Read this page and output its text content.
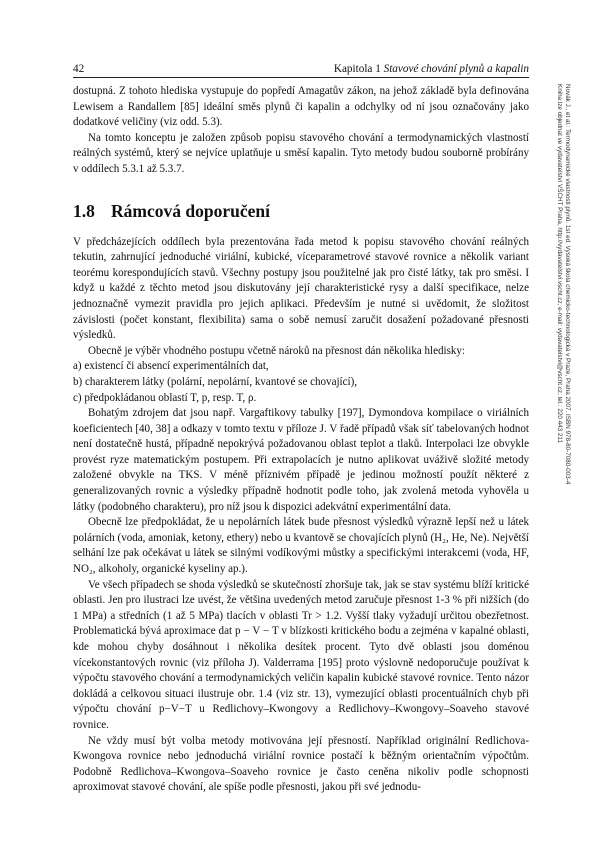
42	Kapitola 1 Stavové chování plynů a kapalin

dostupná. Z tohoto hlediska vystupuje do popředí Amagatův zákon, na jehož základě byla definována Lewisem a Randallem [85] ideální směs plynů či kapalin a odchylky od ní jsou označovány jako dodatkové veličiny (viz odd. 5.3).

Na tomto konceptu je založen způsob popisu stavového chování a termodynamických vlastností reálných systémů, který se nejvíce uplatňuje u směsí kapalin. Tyto metody budou souborně probírány v oddílech 5.3.1 až 5.3.7.

1.8 Rámcová doporučení

V předcházejících oddílech byla prezentována řada metod k popisu stavového chování reálných tekutin, zahrnující jednoduché viriální, kubické, víceparametrové stavové rovnice a několik variant teorému korespondujících stavů. Všechny postupy jsou použitelné jak pro čisté látky, tak pro směsi. I když u každé z těchto metod jsou diskutovány její charakteristické rysy a další specifikace, nelze jednoznačně vymezit pravidla pro jejich aplikaci. Především je nutné si uvědomit, že složitost závislosti (počet konstant, flexibilita) sama o sobě nemusí zaručit dosažení požadované přesnosti výsledků.

Obecně je výběr vhodného postupu včetně nároků na přesnost dán několika hledisky:

a) existencí či absencí experimentálních dat,
b) charakterem látky (polární, nepolární, kvantové se chovající),
c) předpokládanou oblastí T, p, resp. T, ρ.

Bohatým zdrojem dat jsou např. Vargaftikovy tabulky [197], Dymondova kompilace o viriálních koeficientech [40, 38] a odkazy v tomto textu v příloze J. V řadě případů však síť tabelovaných hodnot není dostatečně hustá, případně nepokrývá požadovanou oblast teplot a tlaků. Interpolaci lze obvykle provést ryze matematickým postupem. Při extrapolacích je nutno aplikovat uváživě složité metody založené obvykle na TKS. V méně příznivém případě je jedinou možností použít některé z generalizovaných rovnic a výsledky případně hodnotit podle toho, jak zvolená metoda vyhověla u látky (podobného charakteru), pro níž jsou k dispozici adekvátní experimentální data.

Obecně lze předpokládat, že u nepolárních látek bude přesnost výsledků výrazně lepší než u látek polárních (voda, amoniak, ketony, ethery) nebo u kvantově se chovajících plynů (H₂, He, Ne). Největší selhání lze pak očekávat u látek se silnými vodíkovými můstky a specifickými interakcemi (voda, HF, NO₂, alkoholy, organické kyseliny ap.).

Ve všech případech se shoda výsledků se skutečností zhoršuje tak, jak se stav systému blíží kritické oblasti. Jen pro ilustraci lze uvést, že většina uvedených metod zaručuje přesnost 1-3 % při nižších (do 1 MPa) a středních (1 až 5 MPa) tlacích v oblasti Tr > 1.2. Vyšší tlaky vyžadují určitou obezřetnost. Problematická bývá aproximace dat p − V − T v blízkosti kritického bodu a zejména v kapalné oblasti, kde mohou chyby dosáhnout i několika desítek procent. Tyto dvě oblasti jsou doménou vícekonstantových rovnic (viz příloha J). Valderrama [195] proto výslovně nedoporučuje používat k výpočtu stavového chování a termodynamických veličin kapalin kubické stavové rovnice. Tento názor dokládá a celkovou situaci ilustruje obr. 1.4 (viz str. 13), vymezující oblasti procentuálních chyb při výpočtu chování p−V−T u Redlichovy–Kwongovy a Redlichovy–Kwongovy–Soaveho stavové rovnice.

Ne vždy musí být volba metody motivována její přesností. Například originální Redlichova-Kwongova rovnice nebo jednoduchá viriální rovnice postačí k běžným orientačním výpočtům. Podobně Redlichova–Kwongova–Soaveho rovnice je často ceněna nikoliv podle schopnosti aproximovat stavové chování, ale spíše podle přesnosti, jakou při své jednodu-

Novák J., et al.: Termodynamické vlastnosti plynů. 1st ed. Vysoká škola chemicko-technologická v Praze, Praha 2007. ISBN 978-80-7080-003-4
Kniha lze objednat ve vydavatelství VŠCHT Praha, http://vydavatelstvi.vscht.cz, e-mail: vydavatelstvi@vscht.cz, tel.: 220 443 211
